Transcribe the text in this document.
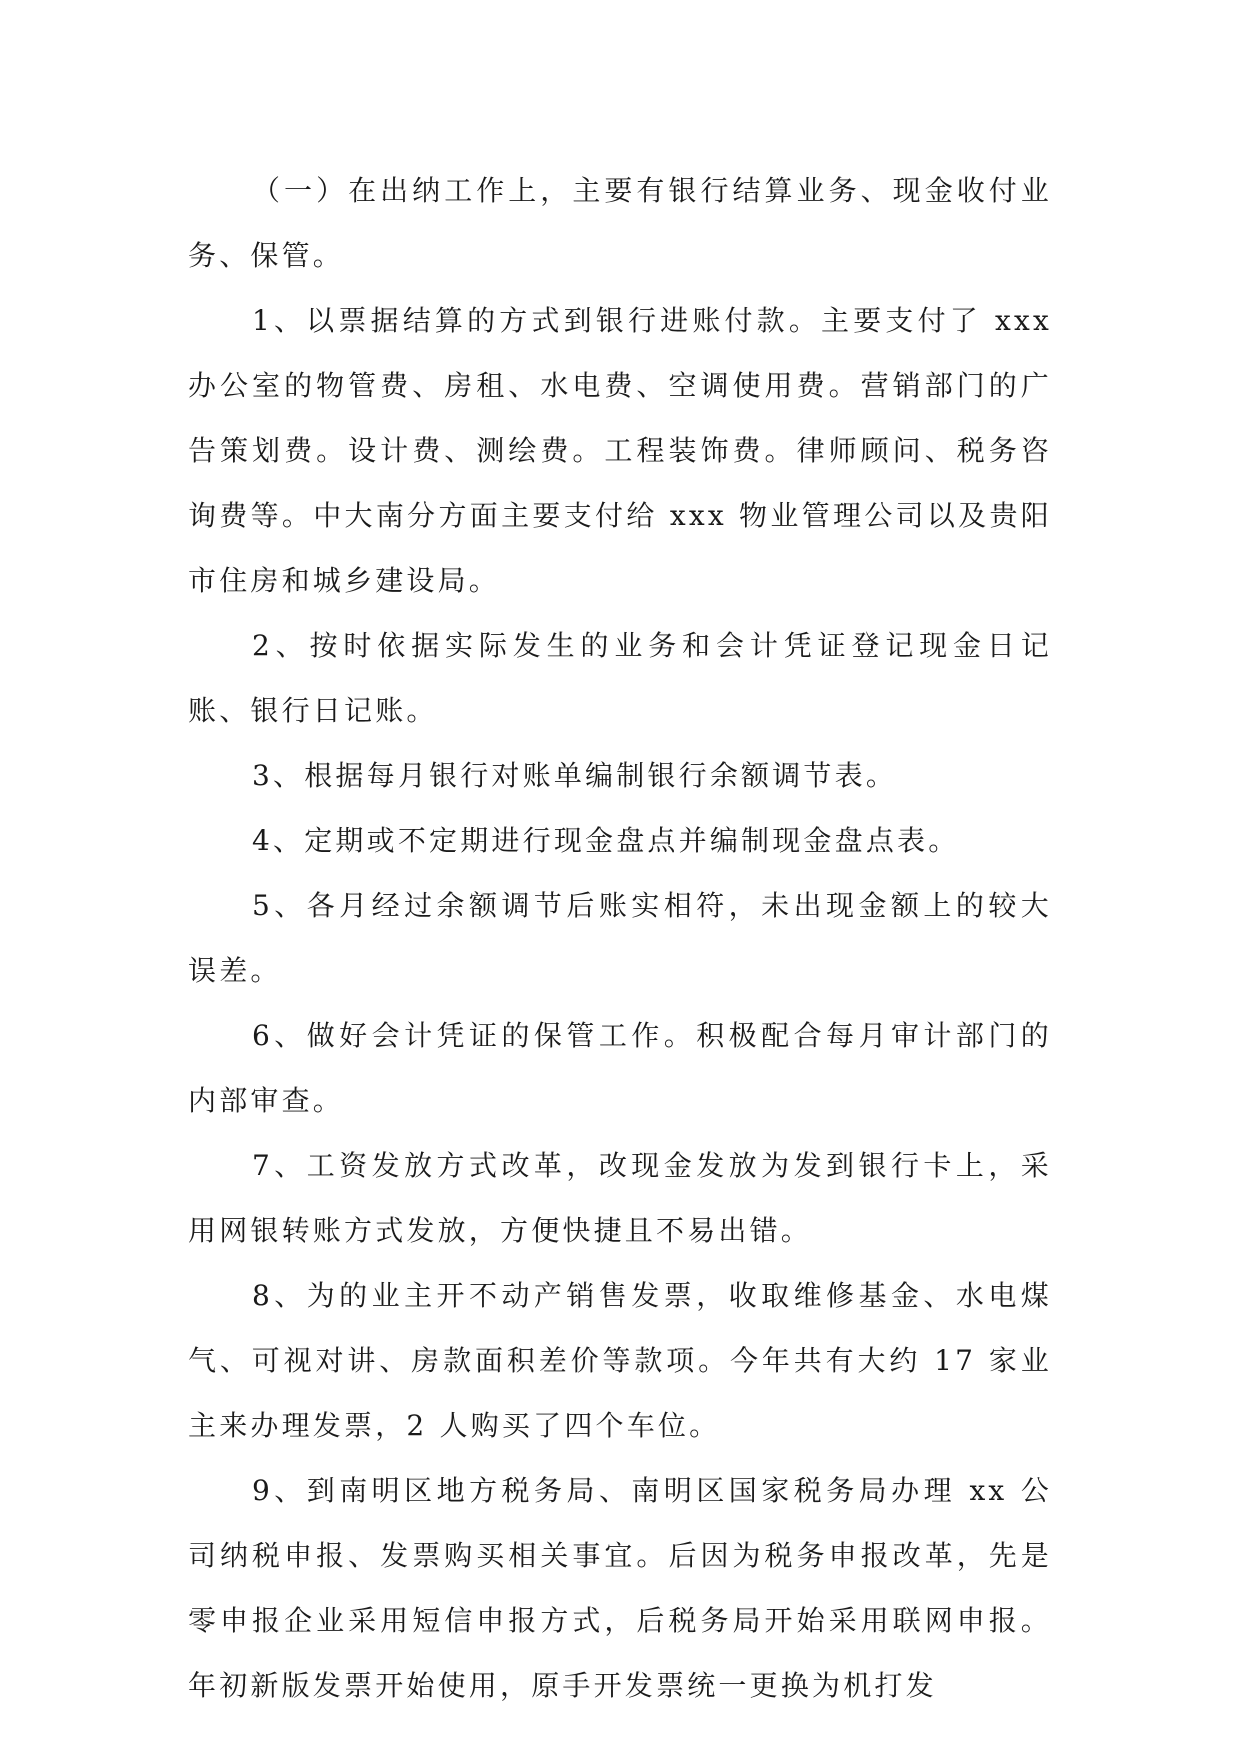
（一）在出纳工作上，主要有银行结算业务、现金收付业务、保管。

1、以票据结算的方式到银行进账付款。主要支付了 xxx 办公室的物管费、房租、水电费、空调使用费。营销部门的广告策划费。设计费、测绘费。工程装饰费。律师顾问、税务咨询费等。中大南分方面主要支付给 xxx 物业管理公司以及贵阳市住房和城乡建设局。

2、按时依据实际发生的业务和会计凭证登记现金日记账、银行日记账。

3、根据每月银行对账单编制银行余额调节表。

4、定期或不定期进行现金盘点并编制现金盘点表。

5、各月经过余额调节后账实相符，未出现金额上的较大误差。

6、做好会计凭证的保管工作。积极配合每月审计部门的内部审查。

7、工资发放方式改革，改现金发放为发到银行卡上，采用网银转账方式发放，方便快捷且不易出错。

8、为的业主开不动产销售发票，收取维修基金、水电煤气、可视对讲、房款面积差价等款项。今年共有大约 17 家业主来办理发票，2 人购买了四个车位。

9、到南明区地方税务局、南明区国家税务局办理 xx 公司纳税申报、发票购买相关事宜。后因为税务申报改革，先是零申报企业采用短信申报方式，后税务局开始采用联网申报。年初新版发票开始使用，原手开发票统一更换为机打发
